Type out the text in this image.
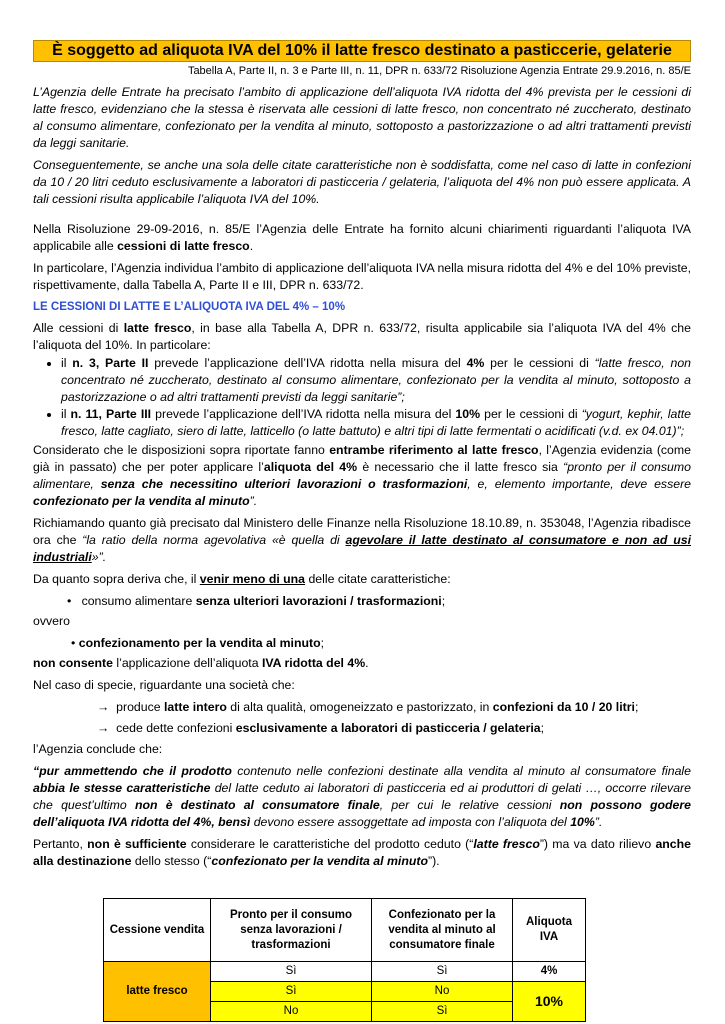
È soggetto ad aliquota IVA del 10% il latte fresco destinato a pasticcerie, gelaterie
Tabella A, Parte II, n. 3 e Parte III, n. 11, DPR n. 633/72 Risoluzione Agenzia Entrate 29.9.2016, n. 85/E

L’Agenzia delle Entrate ha precisato l’ambito di applicazione dell’aliquota IVA ridotta del 4% prevista per le cessioni di latte fresco, evidenziano che la stessa è riservata alle cessioni di latte fresco, non concentrato né zuccherato, destinato al consumo alimentare, confezionato per la vendita al minuto, sottoposto a pastorizzazione o ad altri trattamenti previsti da leggi sanitarie.

Conseguentemente, se anche una sola delle citate caratteristiche non è soddisfatta, come nel caso di latte in confezioni da 10 / 20 litri ceduto esclusivamente a laboratori di pasticceria / gelateria, l’aliquota del 4% non può essere applicata. A tali cessioni risulta applicabile l’aliquota IVA del 10%.

Nella Risoluzione 29-09-2016, n. 85/E l’Agenzia delle Entrate ha fornito alcuni chiarimenti riguardanti l’aliquota IVA applicabile alle cessioni di latte fresco.

In particolare, l’Agenzia individua l’ambito di applicazione dell’aliquota IVA nella misura ridotta del 4% e del 10% previste, rispettivamente, dalla Tabella A, Parte II e III, DPR n. 633/72.

LE CESSIONI DI LATTE E L’ALIQUOTA IVA DEL 4% – 10%

Alle cessioni di latte fresco, in base alla Tabella A, DPR n. 633/72, risulta applicabile sia l’aliquota IVA del 4% che l’aliquota del 10%. In particolare:

• il n. 3, Parte II prevede l’applicazione dell’IVA ridotta nella misura del 4% per le cessioni di “latte fresco, non concentrato né zuccherato, destinato al consumo alimentare, confezionato per la vendita al minuto, sottoposto a pastorizzazione o ad altri trattamenti previsti da leggi sanitarie”;
• il n. 11, Parte III prevede l’applicazione dell’IVA ridotta nella misura del 10% per le cessioni di “yogurt, kephir, latte fresco, latte cagliato, siero di latte, latticello (o latte battuto) e altri tipi di latte fermentati o acidificati (v.d. ex 04.01)”;

Considerato che le disposizioni sopra riportate fanno entrambe riferimento al latte fresco, l’Agenzia evidenzia (come già in passato) che per poter applicare l’aliquota del 4% è necessario che il latte fresco sia “pronto per il consumo alimentare, senza che necessitino ulteriori lavorazioni o trasformazioni, e, elemento importante, deve essere confezionato per la vendita al minuto”.

Richiamando quanto già precisato dal Ministero delle Finanze nella Risoluzione 18.10.89, n. 353048, l’Agenzia ribadisce ora che “la ratio della norma agevolativa «è quella di agevolare il latte destinato al consumatore e non ad usi industriali»”.

Da quanto sopra deriva che, il venir meno di una delle citate caratteristiche:

•   consumo alimentare senza ulteriori lavorazioni / trasformazioni;

ovvero

• confezionamento per la vendita al minuto;

non consente l’applicazione dell’aliquota IVA ridotta del 4%.

Nel caso di specie, riguardante una società che:

→ produce latte intero di alta qualità, omogeneizzato e pastorizzato, in confezioni da 10 / 20 litri;

→ cede dette confezioni esclusivamente a laboratori di pasticceria / gelateria;

l’Agenzia conclude che:

“pur ammettendo che il prodotto contenuto nelle confezioni destinate alla vendita al minuto al consumatore finale abbia le stesse caratteristiche del latte ceduto ai laboratori di pasticceria ed ai produttori di gelati …, occorre rilevare che quest’ultimo non è destinato al consumatore finale, per cui le relative cessioni non possono godere dell’aliquota IVA ridotta del 4%, bensì devono essere assoggettate ad imposta con l’aliquota del 10%”.

Pertanto, non è sufficiente considerare le caratteristiche del prodotto ceduto (“latte fresco”) ma va dato rilievo anche alla destinazione dello stesso (“confezionato per la vendita al minuto”).

Cessione vendita	Pronto per il consumo senza lavorazioni / trasformazioni	Confezionato per la vendita al minuto al consumatore finale	Aliquota IVA
latte fresco	Sì	Sì	4%
	Sì	No	10%
	No	Sì	
